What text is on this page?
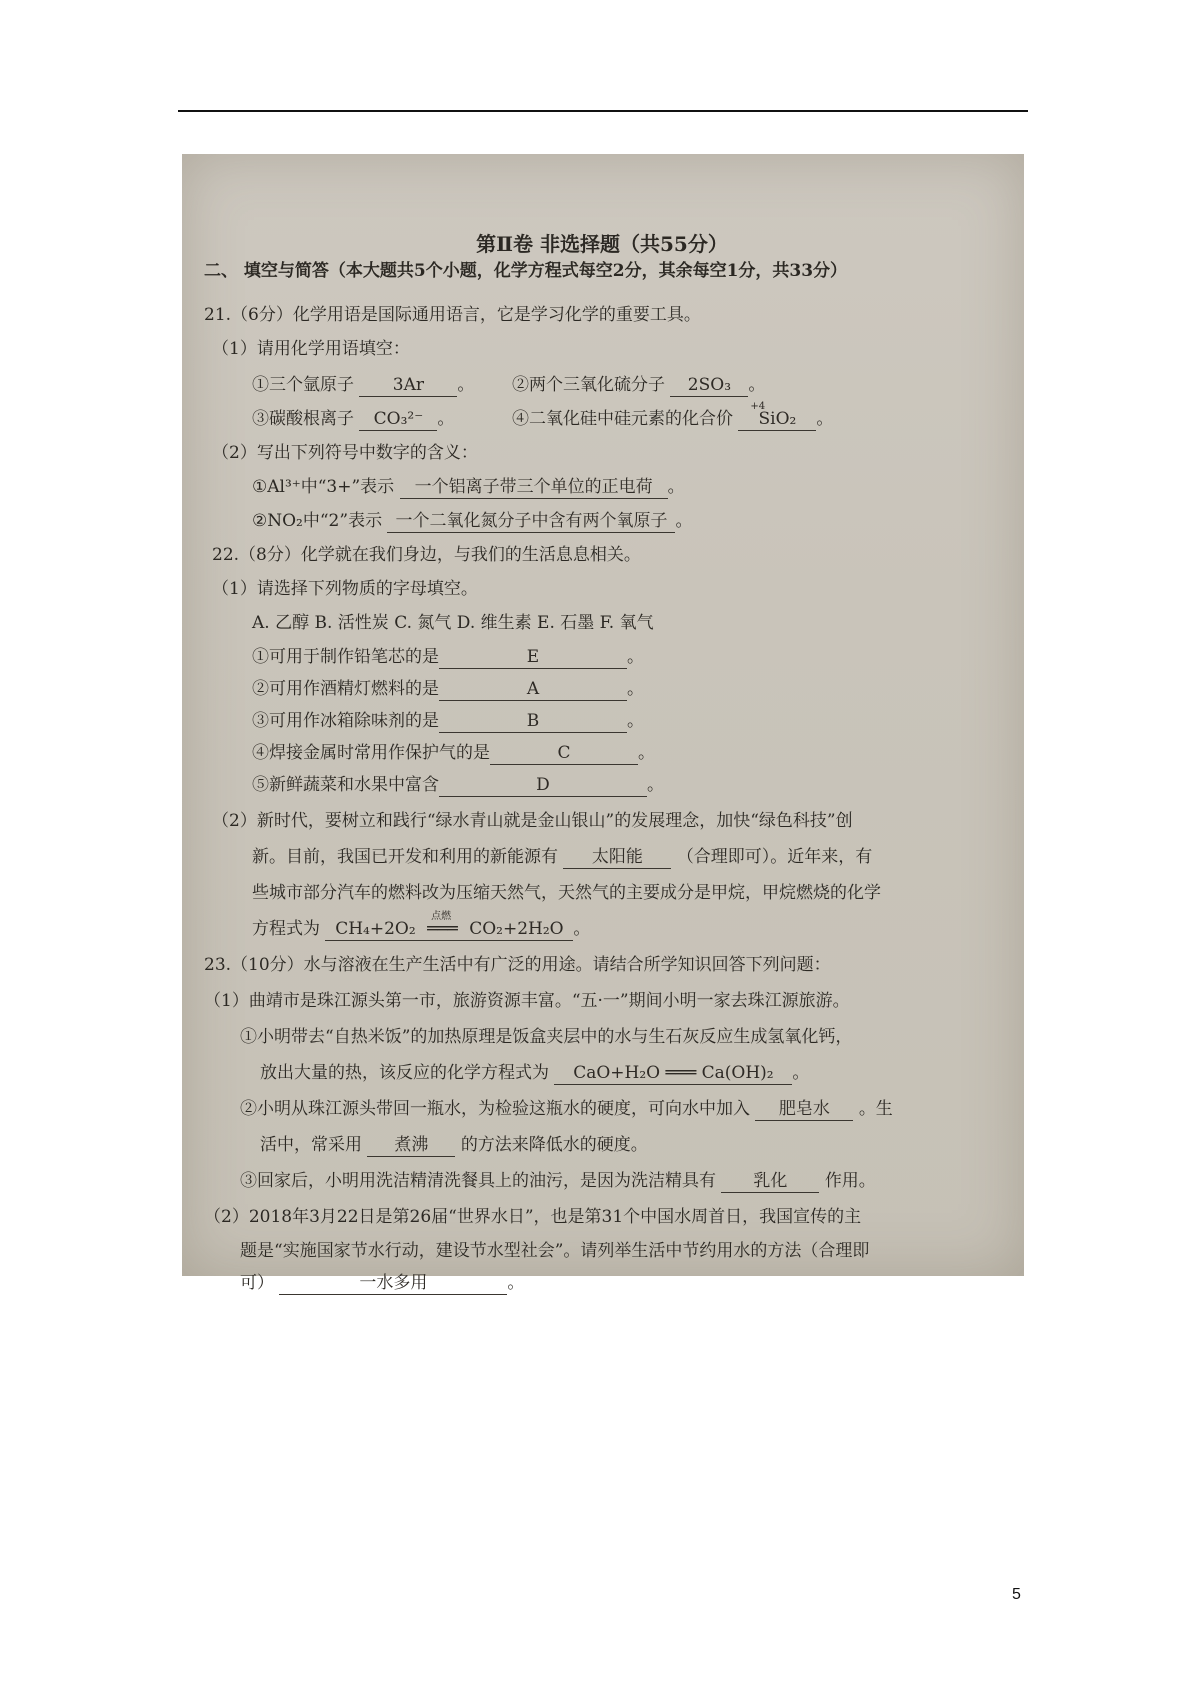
第Ⅱ卷 非选择题（共55分）
二、 填空与简答（本大题共5个小题，化学方程式每空2分，其余每空1分，共33分）
21.（6分）化学用语是国际通用语言，它是学习化学的重要工具。
（1）请用化学用语填空：
①三个氩原子 3Ar 。 ②两个三氧化硫分子 2SO₃ 。
③碳酸根离子 CO₃²⁻ 。	④二氧化硅中硅元素的化合价
+4
SiO₂ 。
（2）写出下列符号中数字的含义：
①Al³⁺中“3+”表示 一个铝离子带三个单位的正电荷 。
②NO₂中“2”表示 一个二氧化氮分子中含有两个氧原子 。
22.（8分）化学就在我们身边，与我们的生活息息相关。
（1）请选择下列物质的字母填空。
A. 乙醇 B. 活性炭 C. 氮气 D. 维生素 E. 石墨 F. 氧气
①可用于制作铅笔芯的是	E	。
②可用作酒精灯燃料的是	A	。
③可用作冰箱除味剂的是	B	。
④焊接金属时常用作保护气的是	C	。
⑤新鲜蔬菜和水果中富含	D	。
（2）新时代，要树立和践行“绿水青山就是金山银山”的发展理念，加快“绿色科技”创
新。目前，我国已开发和利用的新能源有 太阳能 （合理即可）。近年来，有
些城市部分汽车的燃料改为压缩天然气，天然气的主要成分是甲烷，甲烷燃烧的化学
方程式为 CH₄+2O₂
点燃
═══ CO₂+2H₂O 。
23.（10分）水与溶液在生产生活中有广泛的用途。请结合所学知识回答下列问题：
（1）曲靖市是珠江源头第一市，旅游资源丰富。“五·一”期间小明一家去珠江源旅游。
①小明带去“自热米饭”的加热原理是饭盒夹层中的水与生石灰反应生成氢氧化钙，
放出大量的热，该反应的化学方程式为 CaO+H₂O ═══ Ca(OH)₂ 。
②小明从珠江源头带回一瓶水，为检验这瓶水的硬度，可向水中加入 肥皂水 。生
活中，常采用 煮沸 的方法来降低水的硬度。
③回家后，小明用洗洁精清洗餐具上的油污，是因为洗洁精具有 乳化 作用。
（2）2018年3月22日是第26届“世界水日”，也是第31个中国水周首日，我国宣传的主
题是“实施国家节水行动，建设节水型社会”。请列举生活中节约用水的方法（合理即
可）	一水多用	。
5
